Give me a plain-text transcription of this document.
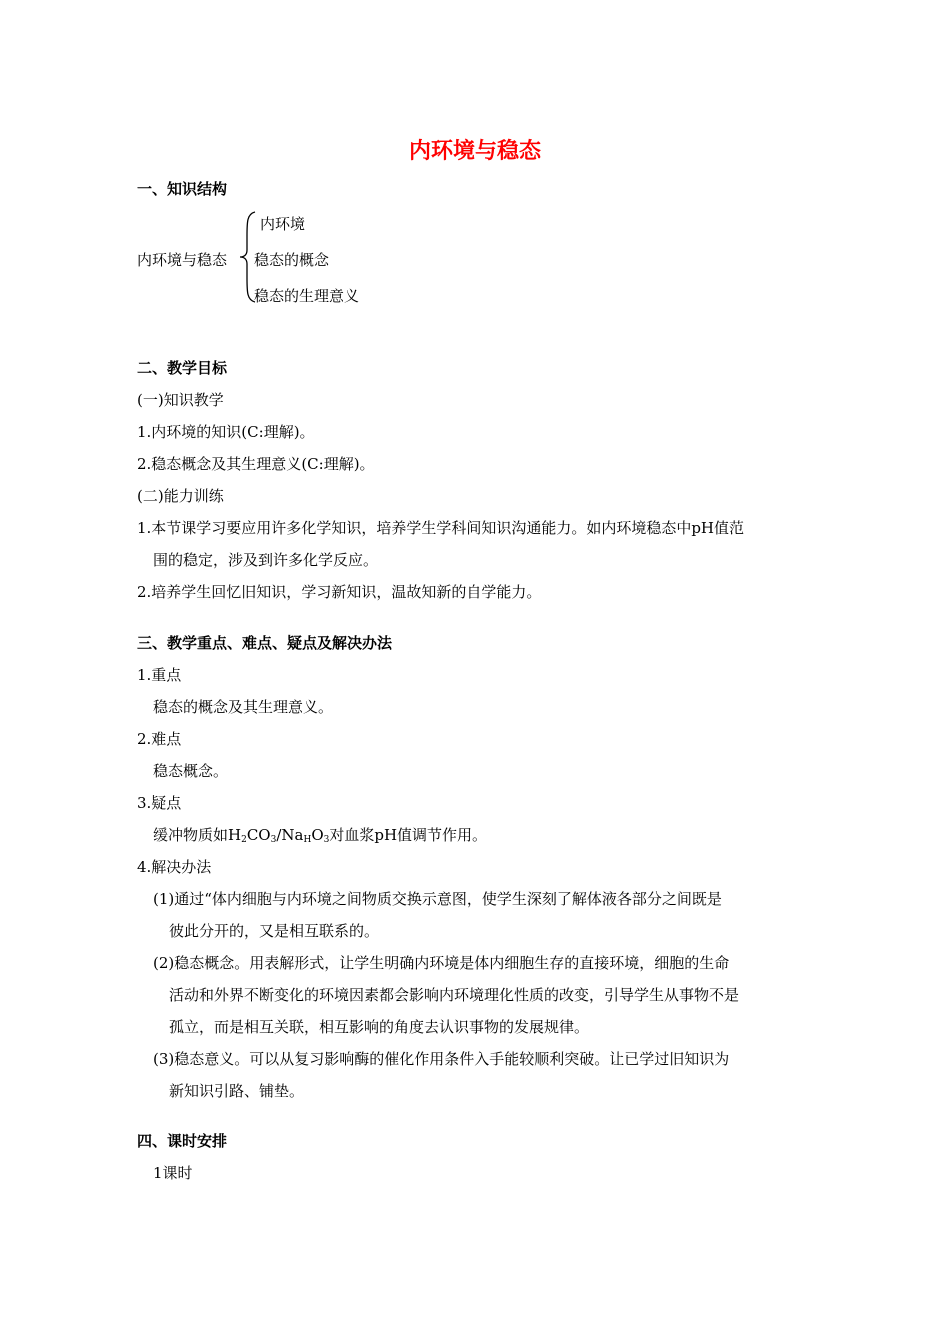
内环境与稳态
一、知识结构
内环境与稳态
内环境
稳态的概念
稳态的生理意义
二、教学目标
(一)知识教学
1.内环境的知识(C:理解)。
2.稳态概念及其生理意义(C:理解)。
(二)能力训练
1.本节课学习要应用许多化学知识，培养学生学科间知识沟通能力。如内环境稳态中pH值范
围的稳定，涉及到许多化学反应。
2.培养学生回忆旧知识，学习新知识，温故知新的自学能力。
三、教学重点、难点、疑点及解决办法
1.重点
稳态的概念及其生理意义。
2.难点
稳态概念。
3.疑点
缓冲物质如$H_2CO_3/Na_HO_3$对血浆pH值调节作用。
4.解决办法
(1)通过“体内细胞与内环境之间物质交换示意图，使学生深刻了解体液各部分之间既是
彼此分开的，又是相互联系的。
(2)稳态概念。用表解形式，让学生明确内环境是体内细胞生存的直接环境，细胞的生命
活动和外界不断变化的环境因素都会影响内环境理化性质的改变，引导学生从事物不是
孤立，而是相互关联，相互影响的角度去认识事物的发展规律。
(3)稳态意义。可以从复习影响酶的催化作用条件入手能较顺利突破。让已学过旧知识为
新知识引路、铺垫。
四、课时安排
1课时
